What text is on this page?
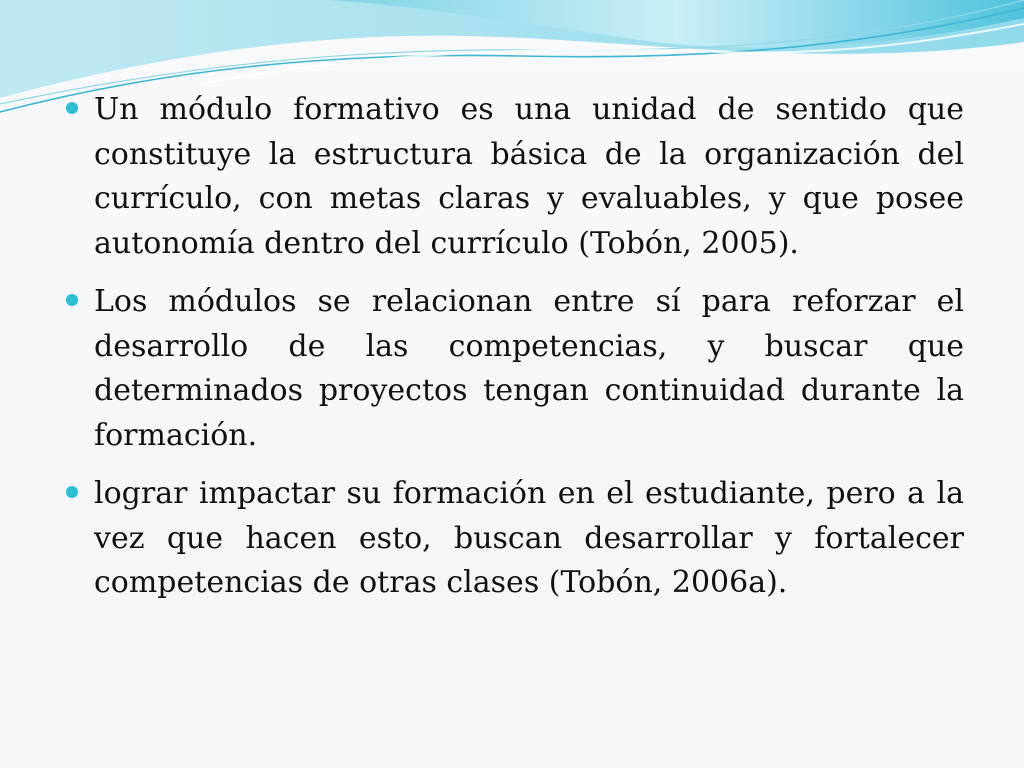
Un módulo formativo es una unidad de sentido que constituye la estructura básica de la organización del currículo, con metas claras y evaluables, y que posee autonomía dentro del currículo (Tobón, 2005).
Los módulos se relacionan entre sí para reforzar el desarrollo de las competencias, y buscar que determinados proyectos tengan continuidad durante la formación.
lograr impactar su formación en el estudiante, pero a la vez que hacen esto, buscan desarrollar y fortalecer competencias de otras clases (Tobón, 2006a).
